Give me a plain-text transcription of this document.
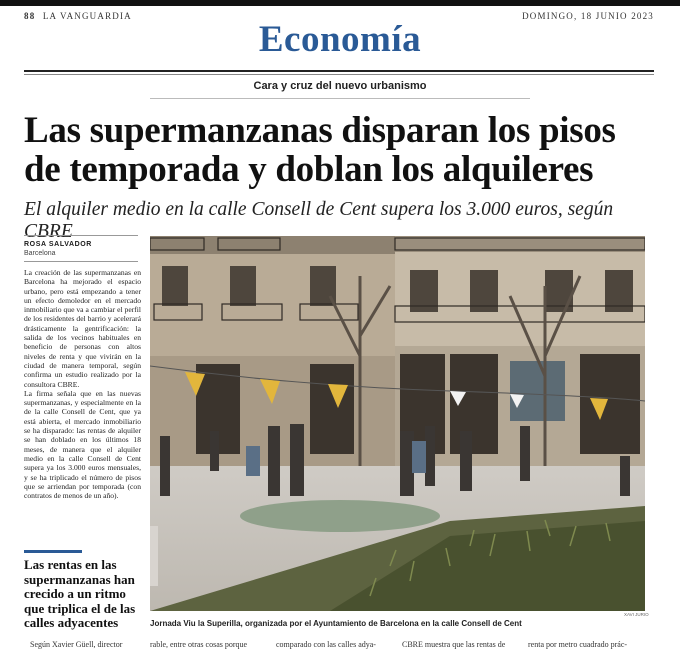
88 LA VANGUARDIA	DOMINGO, 18 JUNIO 2023
Economía
Cara y cruz del nuevo urbanismo
Las supermanzanas disparan los pisos
de temporada y doblan los alquileres
El alquiler medio en la calle Consell de Cent supera los 3.000 euros, según CBRE
ROSA SALVADOR
Barcelona

La creación de las supermanzanas en Barcelona ha mejorado el espacio urbano, pero está empezando a tener un efecto demoledor en el mercado inmobiliario que va a cambiar el perfil de los residentes del barrio y acelerará drásticamente la gentrificación: la salida de los vecinos habituales en beneficio de personas con altos niveles de renta y que vivirán en la ciudad de manera temporal, según confirma un estudio realizado por la consultora CBRE.

La firma señala que en las nuevas supermanzanas, y especialmente en la de la calle Consell de Cent, que ya está abierta, el mercado inmobiliario se ha disparado: las rentas de alquiler se han doblado en los últimos 18 meses, de manera que el alquiler medio en la calle Consell de Cent supera ya los 3.000 euros mensuales, y se ha triplicado el número de pisos que se arriendan por temporada (con contratos de menos de un año).

Las rentas en las supermanzanas han crecido a un ritmo que triplica el de las calles adyacentes
XAVI JURIO
Jornada Viu la Superilla, organizada por el Ayuntamiento de Barcelona en la calle Consell de Cent
Según Xavier Güell, director	rable, entre otras cosas porque	comparado con las calles adya-	CBRE muestra que las rentas de	renta por metro cuadrado prác-
